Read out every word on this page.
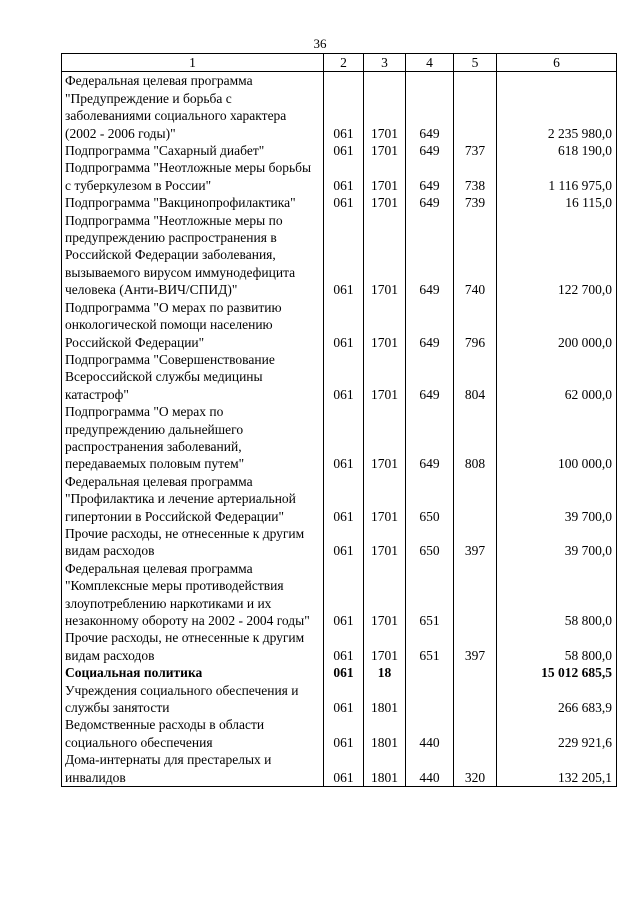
36
1	2	3	4	5	6
Федеральная целевая программа "Предупреждение и борьба с заболеваниями социального характера (2002 - 2006 годы)"	061	1701	649		2 235 980,0
Подпрограмма "Сахарный диабет"	061	1701	649	737	618 190,0
Подпрограмма "Неотложные меры борьбы с туберкулезом в России"	061	1701	649	738	1 116 975,0
Подпрограмма "Вакцинопрофилактика"	061	1701	649	739	16 115,0
Подпрограмма "Неотложные меры по предупреждению распространения в Российской Федерации заболевания, вызываемого вирусом иммунодефицита человека (Анти-ВИЧ/СПИД)"	061	1701	649	740	122 700,0
Подпрограмма "О мерах по развитию онкологической помощи населению Российской Федерации"	061	1701	649	796	200 000,0
Подпрограмма "Совершенствование Всероссийской службы медицины катастроф"	061	1701	649	804	62 000,0
Подпрограмма "О мерах по предупреждению дальнейшего распространения заболеваний, передаваемых половым путем"	061	1701	649	808	100 000,0
Федеральная целевая программа "Профилактика и лечение артериальной гипертонии в Российской Федерации"	061	1701	650		39 700,0
Прочие расходы, не отнесенные к другим видам расходов	061	1701	650	397	39 700,0
Федеральная целевая программа "Комплексные меры противодействия злоупотреблению наркотиками и их незаконному обороту на 2002 - 2004 годы"	061	1701	651		58 800,0
Прочие расходы, не отнесенные к другим видам расходов	061	1701	651	397	58 800,0
Социальная политика	061	18			15 012 685,5
Учреждения социального обеспечения и службы занятости	061	1801			266 683,9
Ведомственные расходы в области социального обеспечения	061	1801	440		229 921,6
Дома-интернаты для престарелых и инвалидов	061	1801	440	320	132 205,1
